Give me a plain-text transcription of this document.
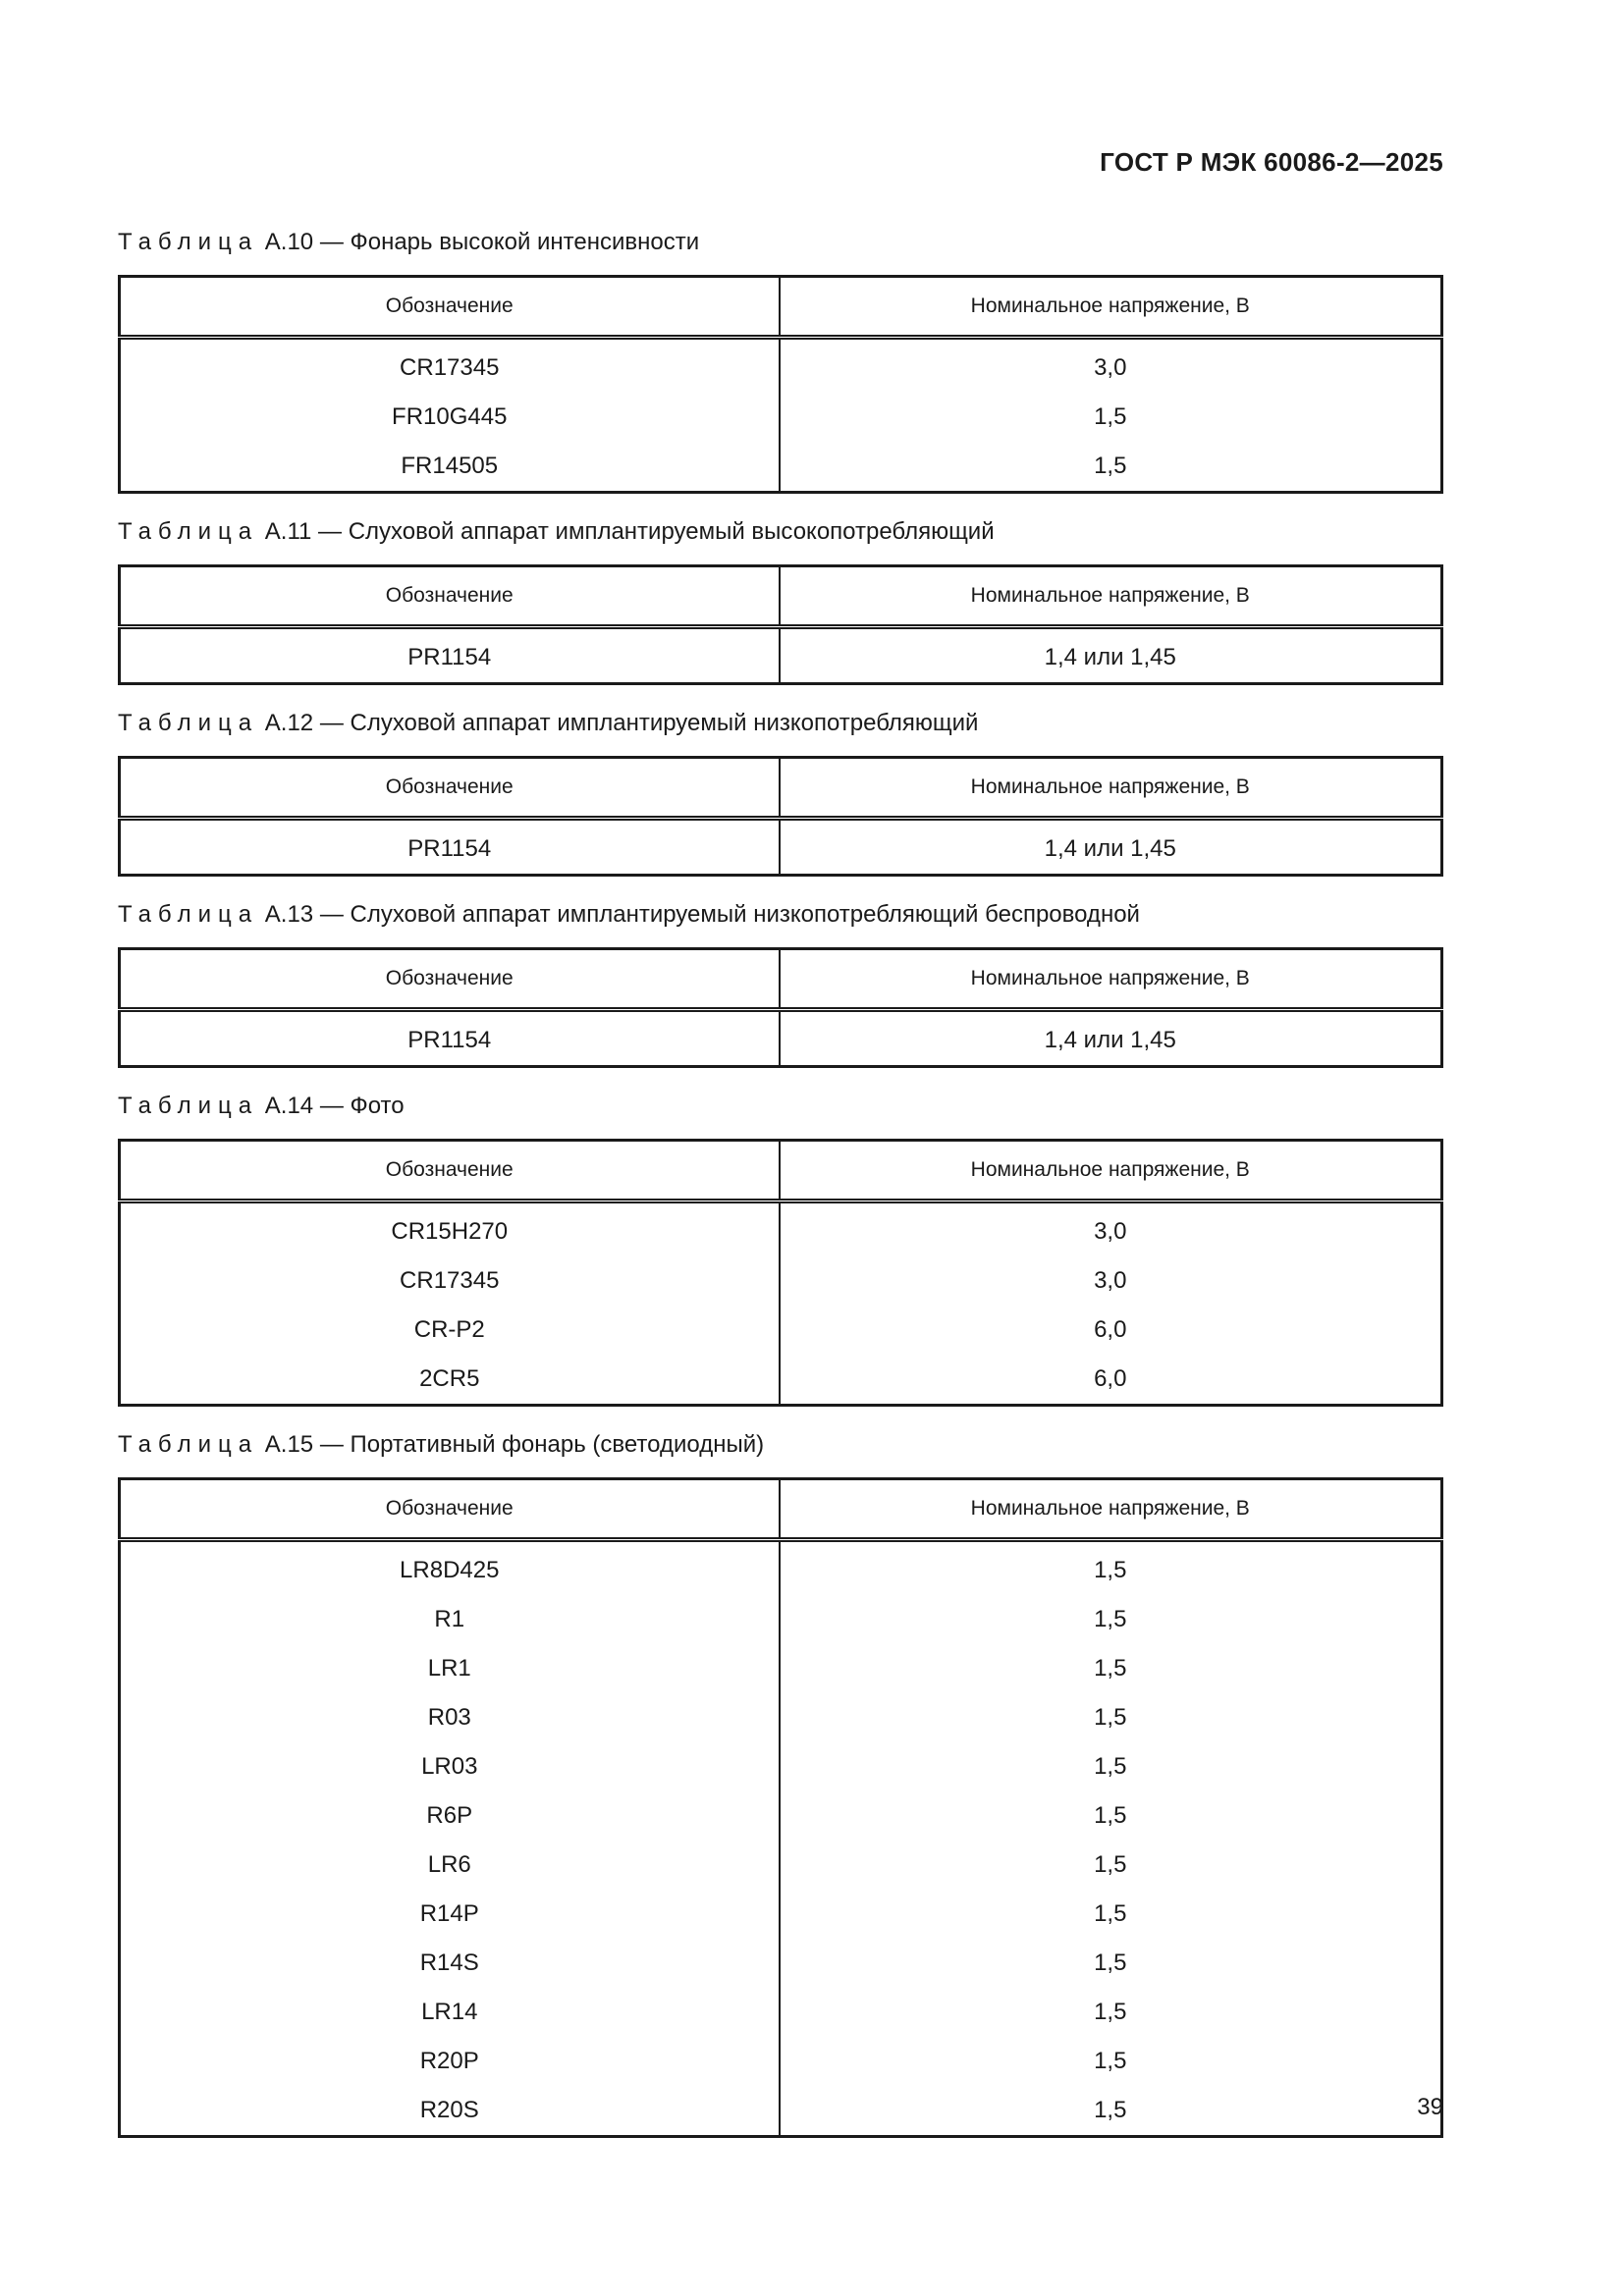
ГОСТ Р МЭК 60086-2—2025

Таблица А.10 — Фонарь высокой интенсивности

Обозначение	Номинальное напряжение, В
CR17345	3,0
FR10G445	1,5
FR14505	1,5

Таблица А.11 — Слуховой аппарат имплантируемый высокопотребляющий

Обозначение	Номинальное напряжение, В
PR1154	1,4 или 1,45

Таблица А.12 — Слуховой аппарат имплантируемый низкопотребляющий

Обозначение	Номинальное напряжение, В
PR1154	1,4 или 1,45

Таблица А.13 — Слуховой аппарат имплантируемый низкопотребляющий беспроводной

Обозначение	Номинальное напряжение, В
PR1154	1,4 или 1,45

Таблица А.14 — Фото

Обозначение	Номинальное напряжение, В
CR15H270	3,0
CR17345	3,0
CR-P2	6,0
2CR5	6,0

Таблица А.15 — Портативный фонарь (светодиодный)

Обозначение	Номинальное напряжение, В
LR8D425	1,5
R1	1,5
LR1	1,5
R03	1,5
LR03	1,5
R6P	1,5
LR6	1,5
R14P	1,5
R14S	1,5
LR14	1,5
R20P	1,5
R20S	1,5	39
